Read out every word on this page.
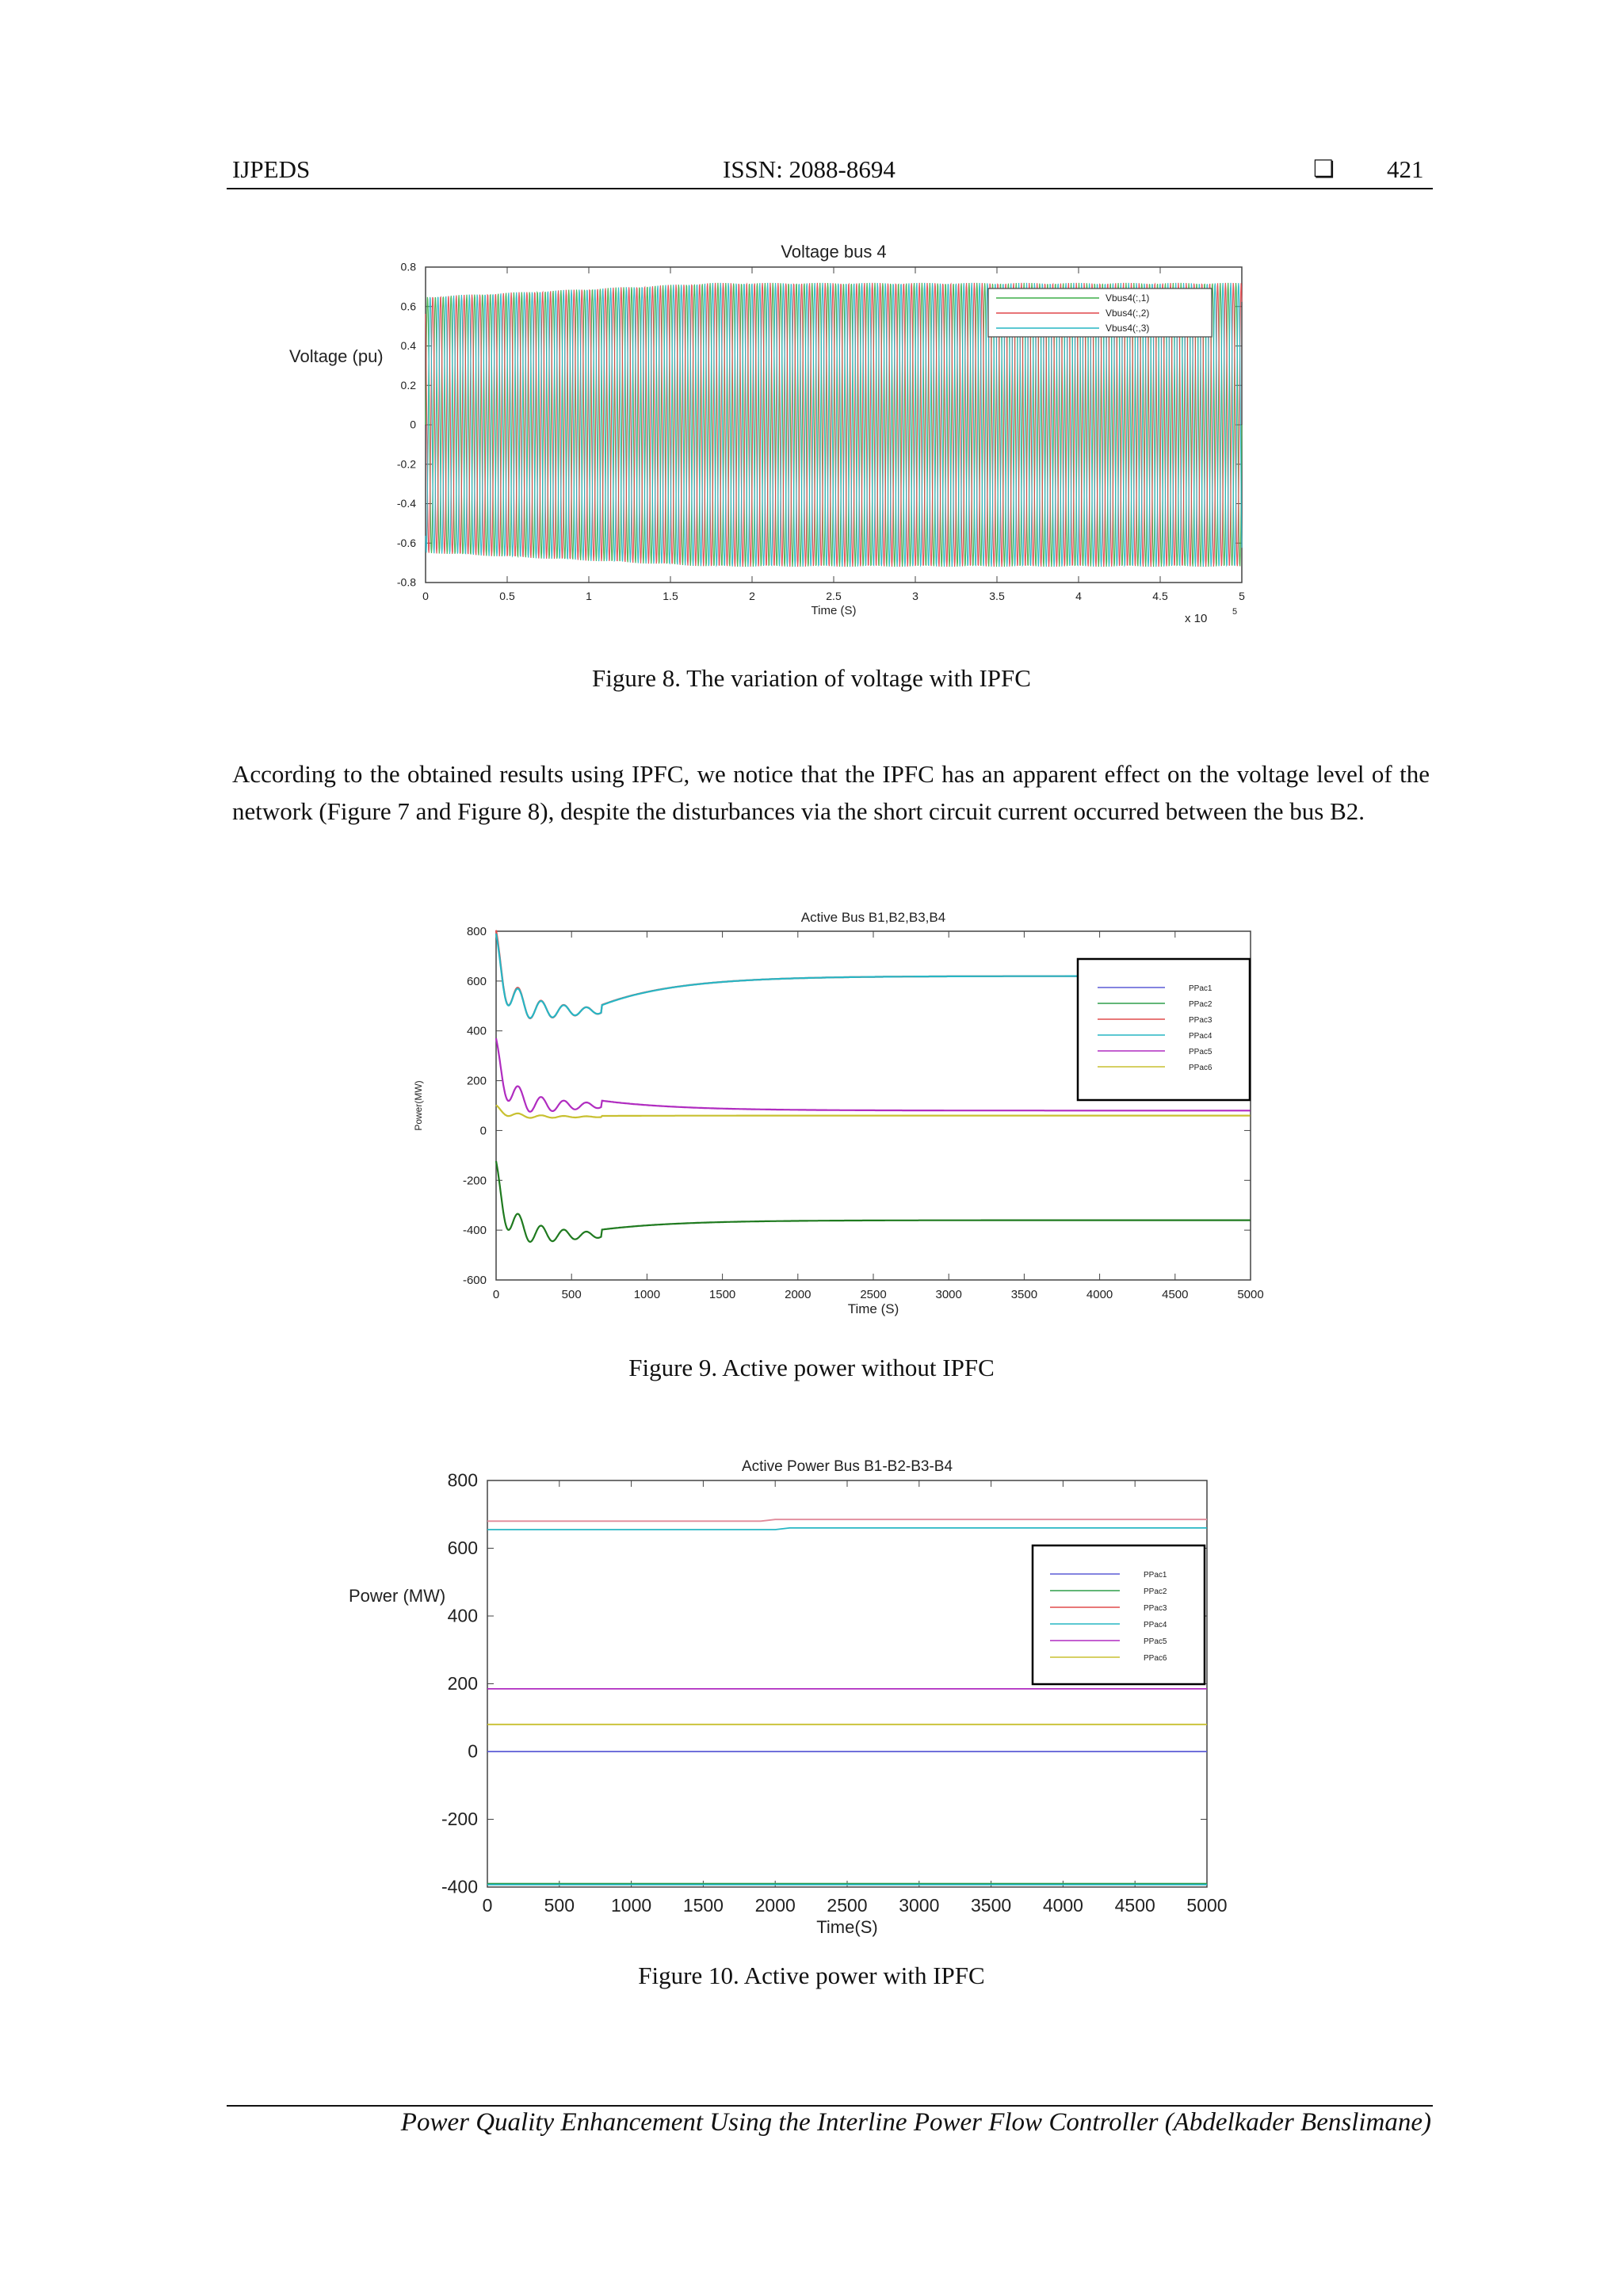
IJPEDS	ISSN: 2088-8694	❏ 421
Voltage bus 4
0	0.5	1	1.5	2	2.5	3	3.5	4	4.5	5
0.8
0.6
0.4
0.2
0
-0.2
-0.4
-0.6
-0.8
Time (S)
Voltage (pu)
x 10	5
Vbus4(:,1)
Vbus4(:,2)
Vbus4(:,3)
Figure 8. The variation of voltage with IPFC
According to the obtained results using IPFC, we notice that the IPFC has an apparent effect on the voltage level of the network (Figure 7 and Figure 8), despite the disturbances via the short circuit current occurred between the bus B2.
Active Bus B1,B2,B3,B4
0	500	1000	1500	2000	2500	3000	3500	4000	4500	5000
800
600
400
200
0
-200
-400
-600
Time (S)
Power(MW)
PPac1
PPac2
PPac3
PPac4
PPac5
PPac6
Figure 9. Active power without IPFC
Active Power Bus B1-B2-B3-B4
0	500 1000 1500 2000 2500 3000 3500 4000 4500 5000
800
600
400
200
0
-200
-400
Time(S)
Power (MW)
PPac1
PPac2
PPac3
PPac4
PPac5
PPac6
Figure 10. Active power with IPFC
Power Quality Enhancement Using the Interline Power Flow Controller (Abdelkader Benslimane)
